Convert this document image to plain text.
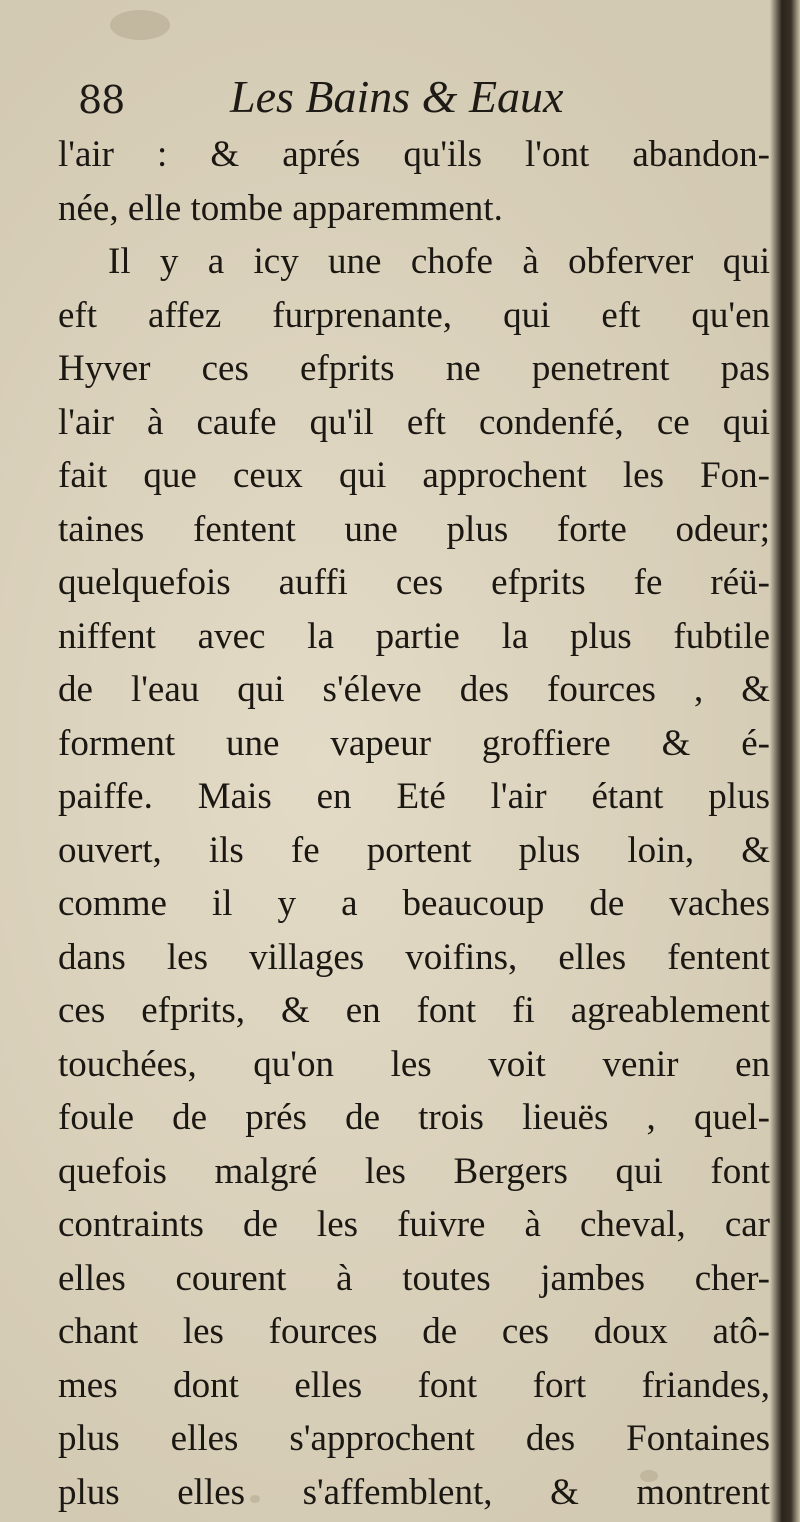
88 Les Bains & Eaux
l'air : & aprés qu'ils l'ont abandon-
née, elle tombe apparemment.
Il y a icy une chofe à obferver qui
eft affez furprenante, qui eft qu'en
Hyver ces efprits ne penetrent pas
l'air à caufe qu'il eft condenfé, ce qui
fait que ceux qui approchent les Fon-
taines fentent une plus forte odeur;
quelquefois auffi ces efprits fe réü-
niffent avec la partie la plus fubtile
de l'eau qui s'éleve des fources , &
forment une vapeur groffiere & é-
paiffe. Mais en Eté l'air étant plus
ouvert, ils fe portent plus loin, &
comme il y a beaucoup de vaches
dans les villages voifins, elles fentent
ces efprits, & en font fi agreablement
touchées, qu'on les voit venir en
foule de prés de trois lieuës , quel-
quefois malgré les Bergers qui font
contraints de les fuivre à cheval, car
elles courent à toutes jambes cher-
chant les fources de ces doux atô-
mes dont elles font fort friandes,
plus elles s'approchent des Fontaines
plus elles s'affemblent, & montrent
